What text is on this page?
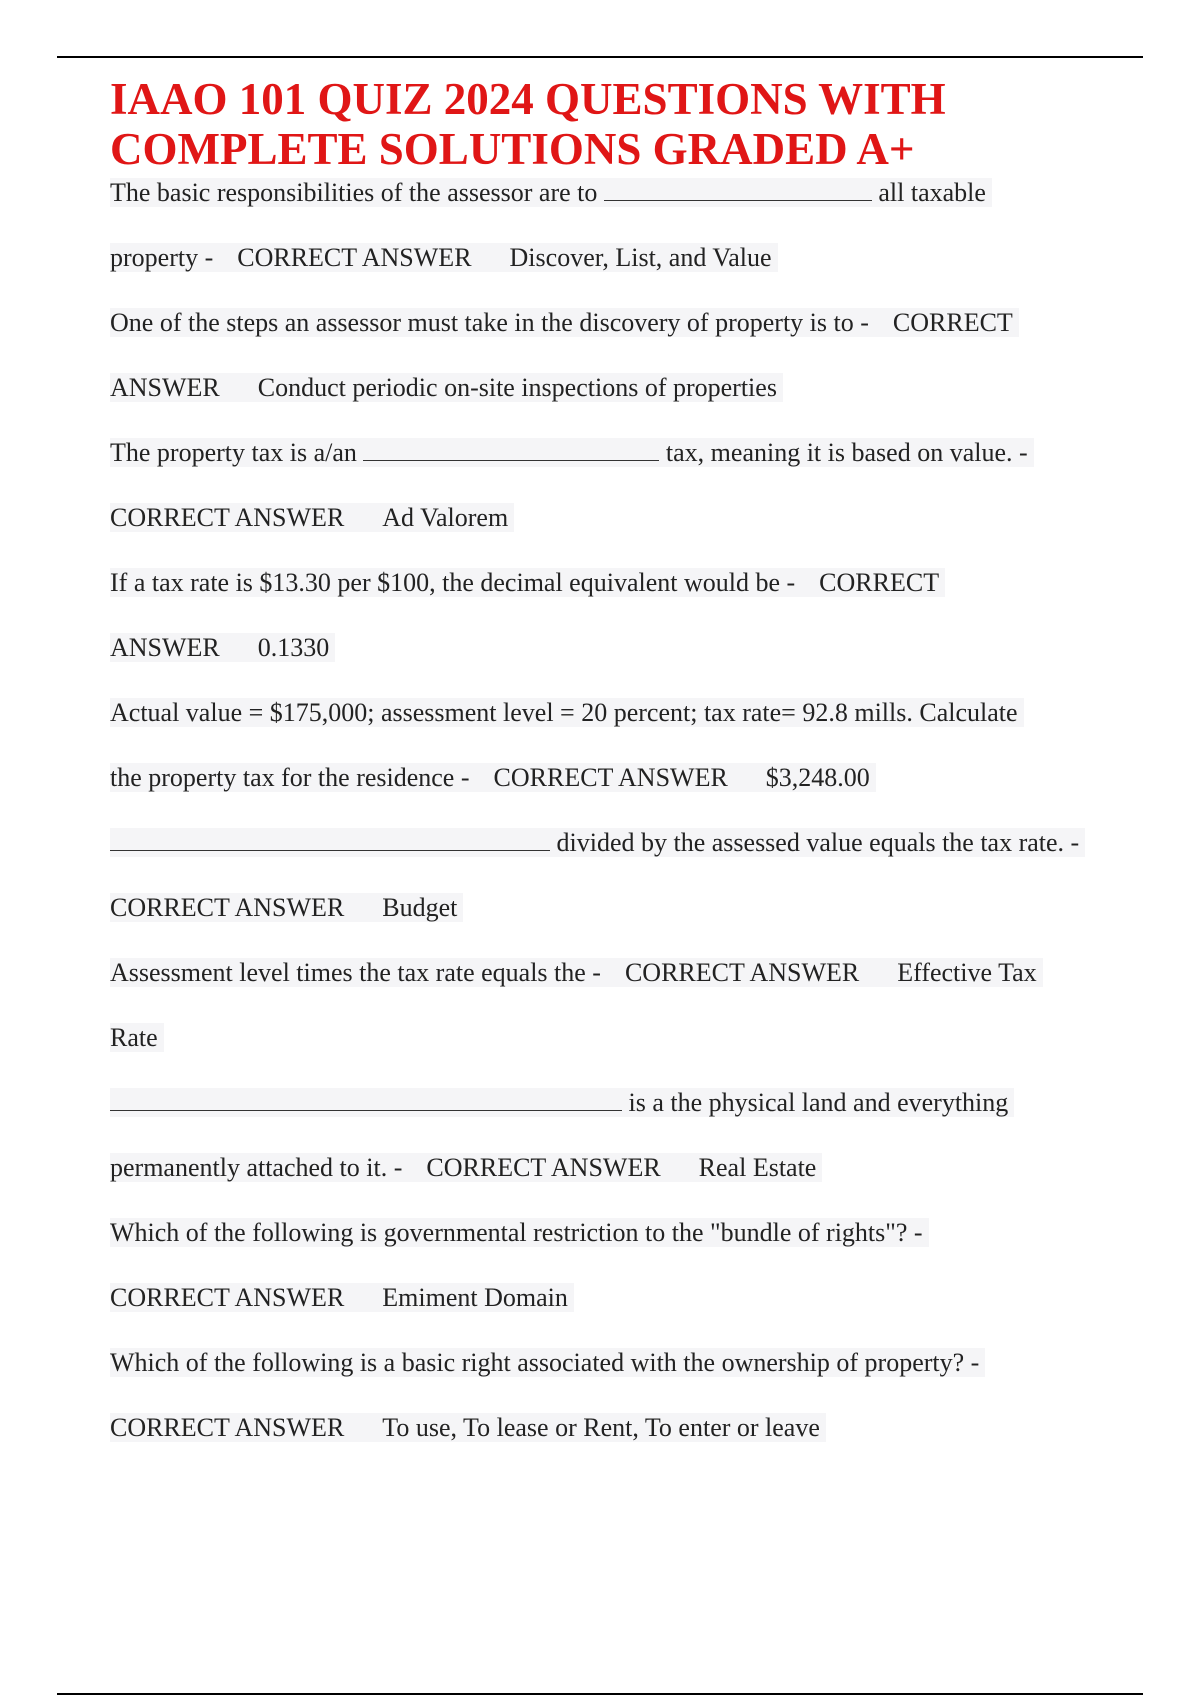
IAAO 101 QUIZ 2024 QUESTIONS WITH
COMPLETE SOLUTIONS GRADED A+
The basic responsibilities of the assessor are to	all taxable
property - CORRECT ANSWER Discover, List, and Value
One of the steps an assessor must take in the discovery of property is to - CORRECT
ANSWER Conduct periodic on-site inspections of properties
The property tax is a/an	tax, meaning it is based on value. -
CORRECT ANSWER Ad Valorem
If a tax rate is $13.30 per $100, the decimal equivalent would be - CORRECT
ANSWER 0.1330
Actual value = $175,000; assessment level = 20 percent; tax rate= 92.8 mills. Calculate
the property tax for the residence - CORRECT ANSWER $3,248.00
divided by the assessed value equals the tax rate. -
CORRECT ANSWER Budget
Assessment level times the tax rate equals the - CORRECT ANSWER Effective Tax
Rate
is a the physical land and everything
permanently attached to it. - CORRECT ANSWER Real Estate
Which of the following is governmental restriction to the "bundle of rights"? -
CORRECT ANSWER Emiment Domain
Which of the following is a basic right associated with the ownership of property? -
CORRECT ANSWER To use, To lease or Rent, To enter or leave
